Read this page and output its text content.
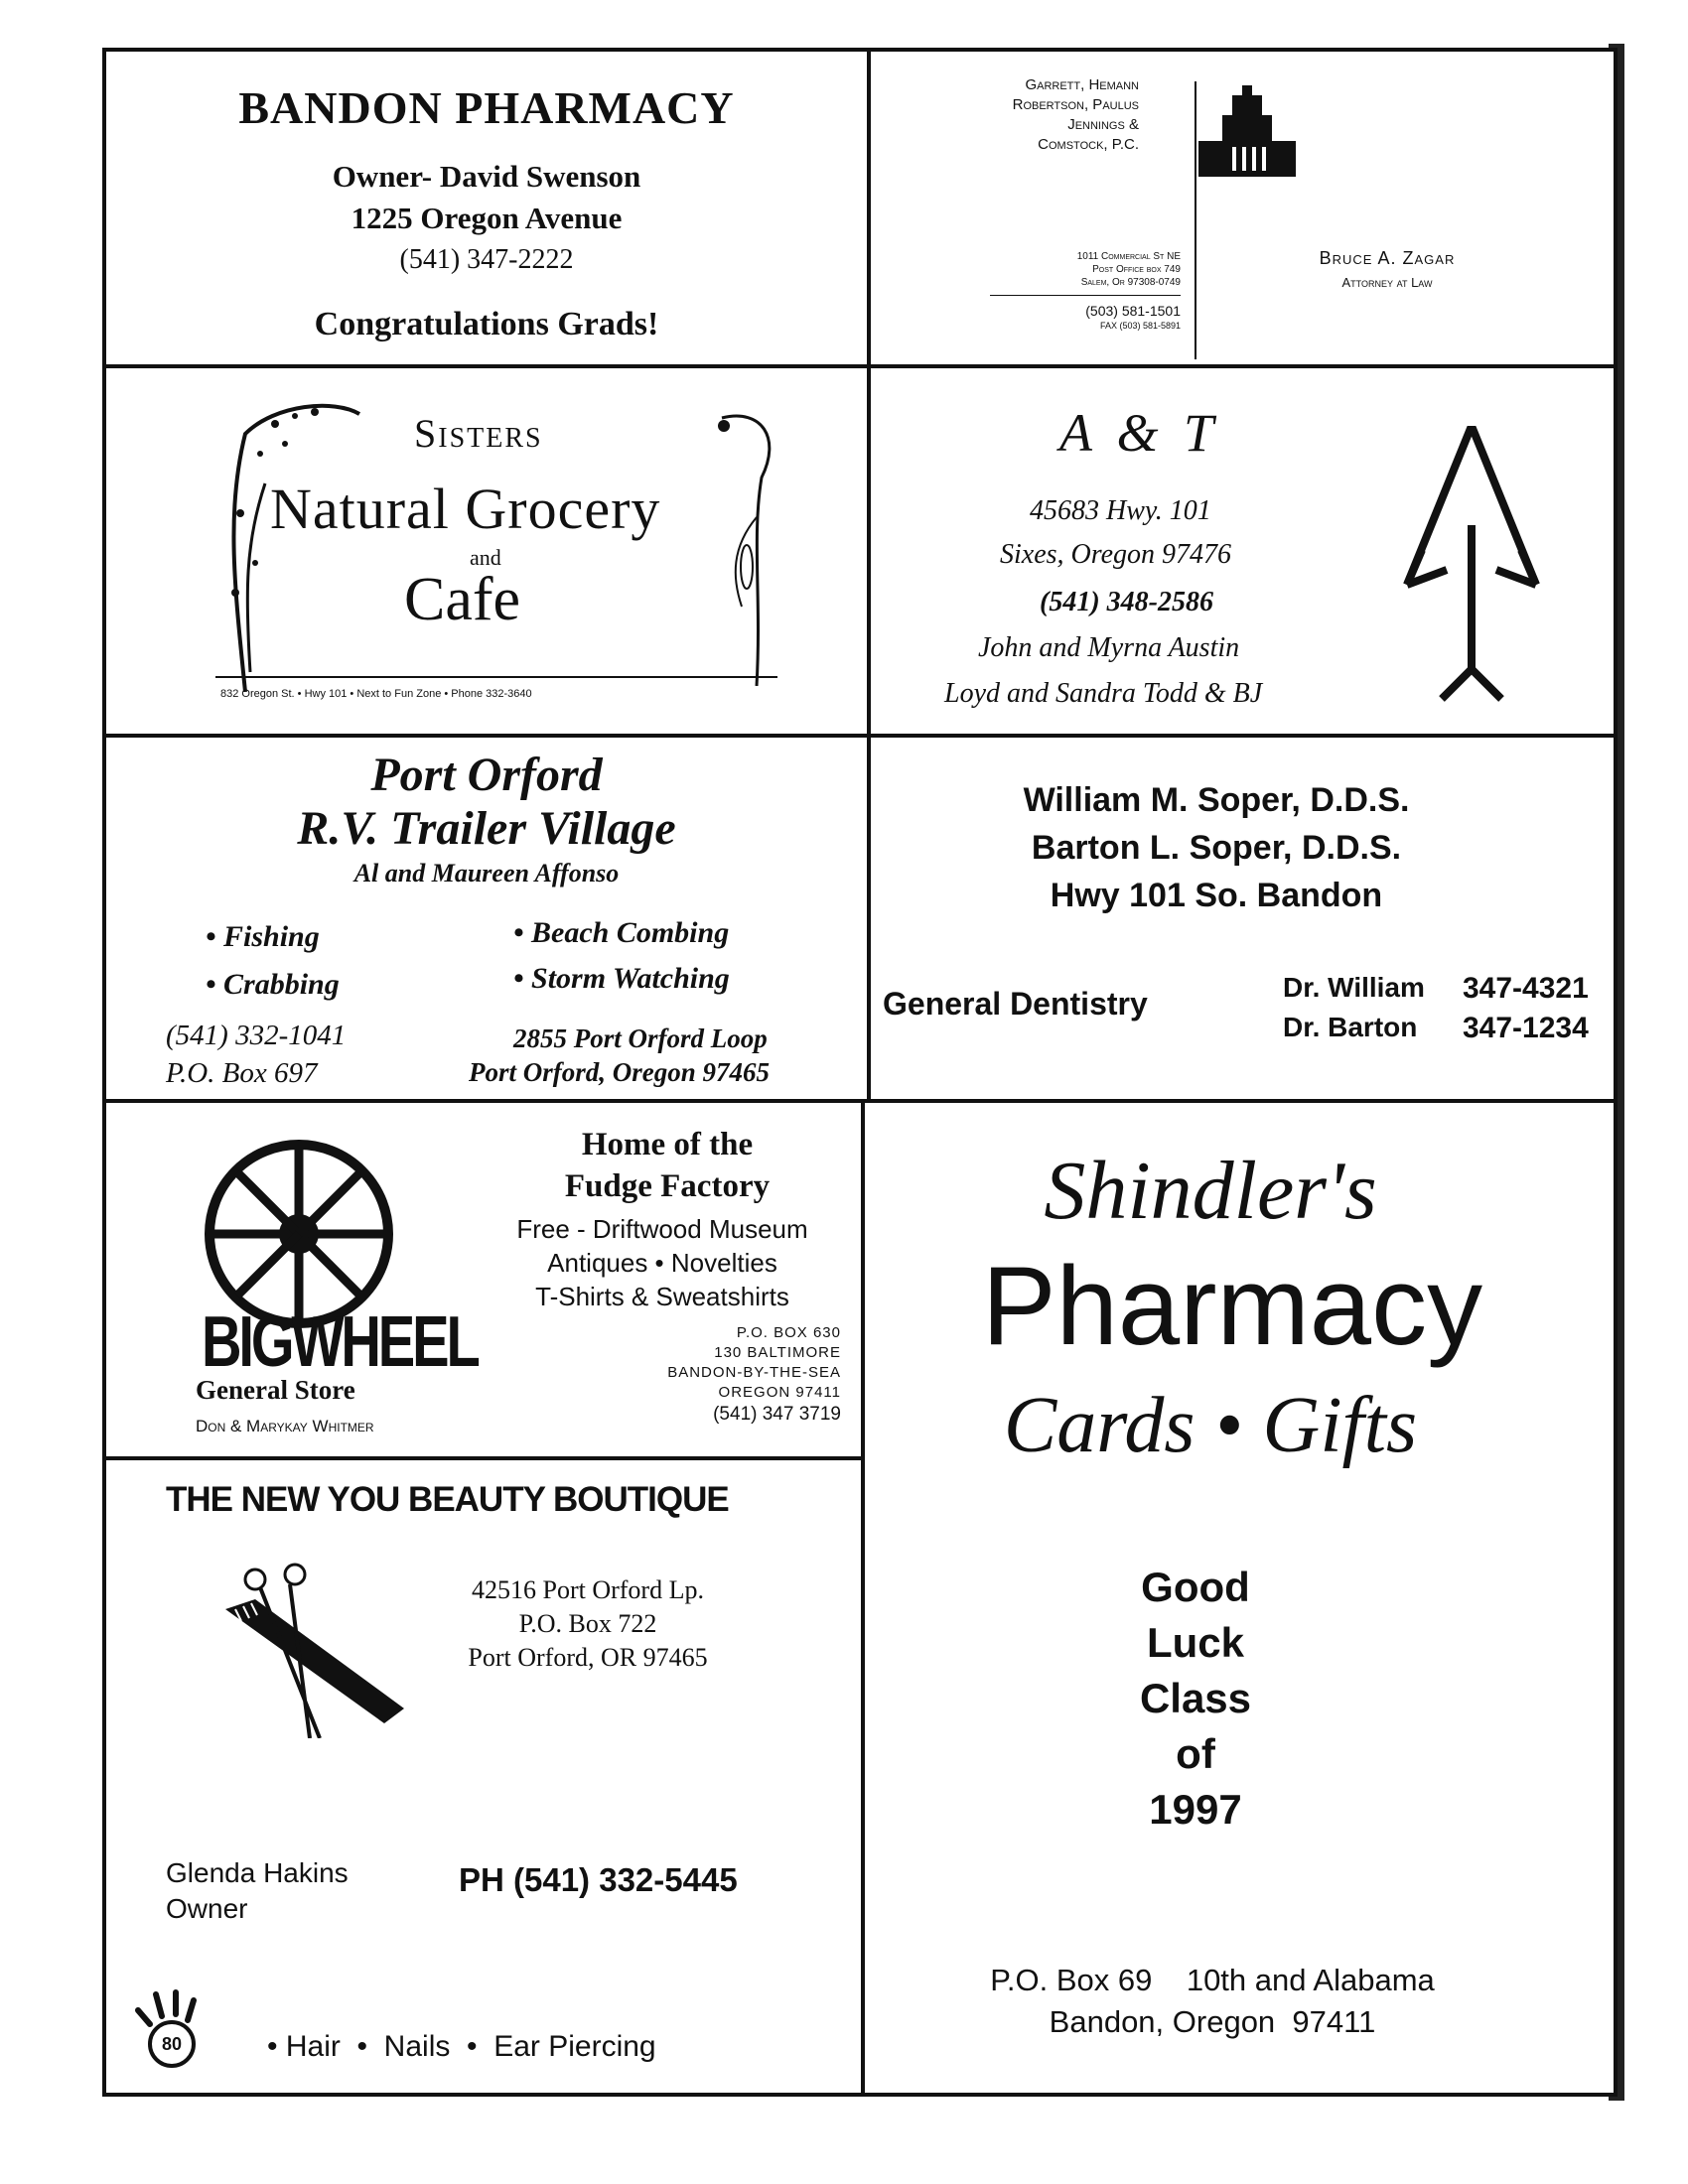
BANDON PHARMACY
Owner- David Swenson
1225 Oregon Avenue
(541) 347-2222
Congratulations Grads!
Garrett, Hemann
Robertson, Paulus
Jennings &
Comstock, P.C.
1011 Commercial St NE
Post Office box 749
Salem, Or 97308-0749
(503) 581-1501
FAX (503) 581-5891
Bruce A. Zagar
Attorney at Law
Sisters
Natural Grocery
and
Cafe
832 Oregon St. • Hwy 101 • Next to Fun Zone • Phone 332-3640
A & T
45683 Hwy. 101
Sixes, Oregon 97476
(541) 348-2586
John and Myrna Austin
Loyd and Sandra Todd & BJ
Port Orford
R.V. Trailer Village
Al and Maureen Affonso
• Fishing
• Crabbing
• Beach Combing
• Storm Watching
(541) 332-1041
P.O. Box 697
2855 Port Orford Loop
Port Orford, Oregon 97465
William M. Soper, D.D.S.
Barton L. Soper, D.D.S.
Hwy 101 So. Bandon
General Dentistry	Dr. William 347-4321
Dr. Barton 347-1234
BIGWHEEL
General Store
Don & Marykay Whitmer
Home of the
Fudge Factory
Free - Driftwood Museum
Antiques • Novelties
T-Shirts & Sweatshirts
P.O. BOX 630
130 BALTIMORE
BANDON-BY-THE-SEA
OREGON 97411
(541) 347 3719
Shindler's
Pharmacy
Cards • Gifts
Good
Luck
Class
of
1997
P.O. Box 69    10th and Alabama
Bandon, Oregon  97411
THE NEW YOU BEAUTY BOUTIQUE
42516 Port Orford Lp.
P.O. Box 722
Port Orford, OR 97465
Glenda Hakins
Owner
PH (541) 332-5445
80	• Hair  •  Nails  •  Ear Piercing
